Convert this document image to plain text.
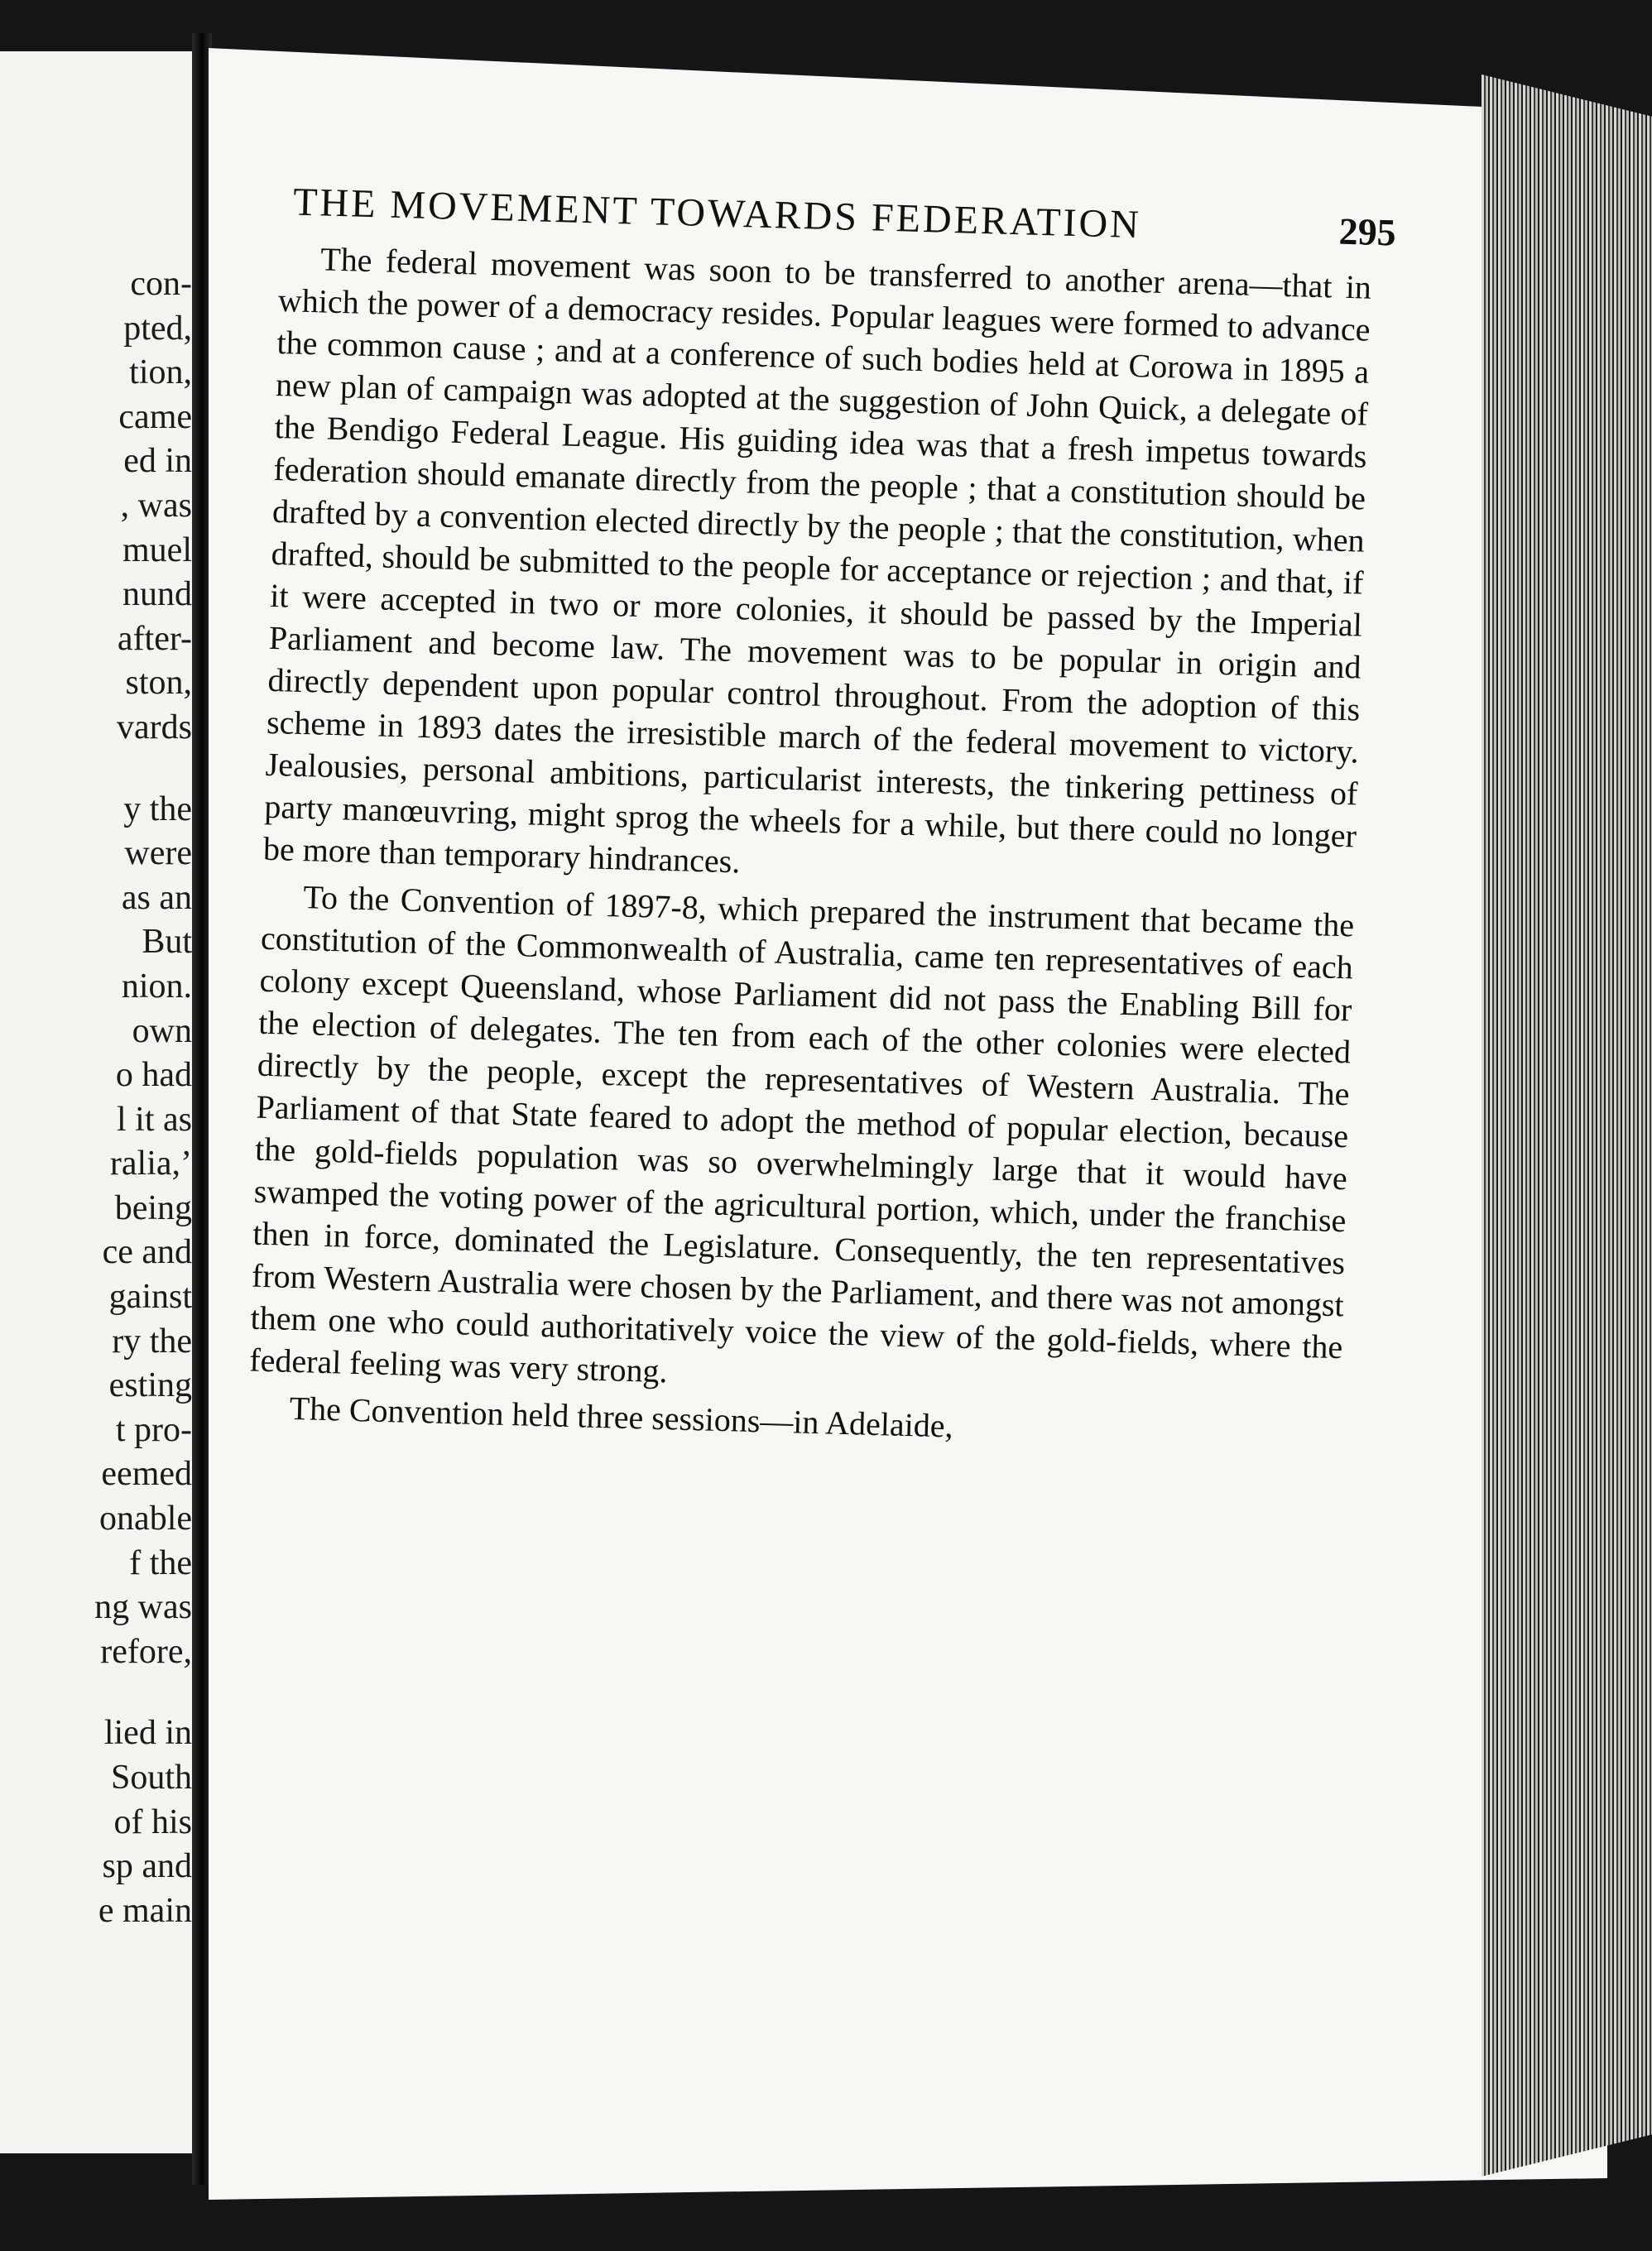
con-
pted,
tion,
came
ed in
, was
muel
nund
after-
ston,
vards
y the
were
as an
But
nion.
own
o had
l it as
ralia,’
being
ce and
gainst
ry the
esting
t pro-
eemed
onable
f the
ng was
refore,
lied in
South
of his
sp and
e main
THE MOVEMENT TOWARDS FEDERATION	295

The federal movement was soon to be transferred to another arena—that in which the power of a democracy resides. Popular leagues were formed to advance the common cause ; and at a conference of such bodies held at Corowa in 1895 a new plan of campaign was adopted at the suggestion of John Quick, a delegate of the Bendigo Federal League. His guiding idea was that a fresh impetus towards federation should emanate directly from the people ; that a constitution should be drafted by a convention elected directly by the people ; that the constitution, when drafted, should be submitted to the people for acceptance or rejection ; and that, if it were accepted in two or more colonies, it should be passed by the Imperial Parliament and become law. The movement was to be popular in origin and directly dependent upon popular control throughout. From the adoption of this scheme in 1893 dates the irresistible march of the federal movement to victory. Jealousies, personal ambitions, particularist interests, the tinkering pettiness of party manœuvring, might sprog the wheels for a while, but there could no longer be more than temporary hindrances.

To the Convention of 1897-8, which prepared the instrument that became the constitution of the Commonwealth of Australia, came ten representatives of each colony except Queensland, whose Parliament did not pass the Enabling Bill for the election of delegates. The ten from each of the other colonies were elected directly by the people, except the representatives of Western Australia. The Parliament of that State feared to adopt the method of popular election, because the gold-fields population was so overwhelmingly large that it would have swamped the voting power of the agricultural portion, which, under the franchise then in force, dominated the Legislature. Consequently, the ten representatives from Western Australia were chosen by the Parliament, and there was not amongst them one who could authoritatively voice the view of the gold-fields, where the federal feeling was very strong.

The Convention held three sessions—in Adelaide,
